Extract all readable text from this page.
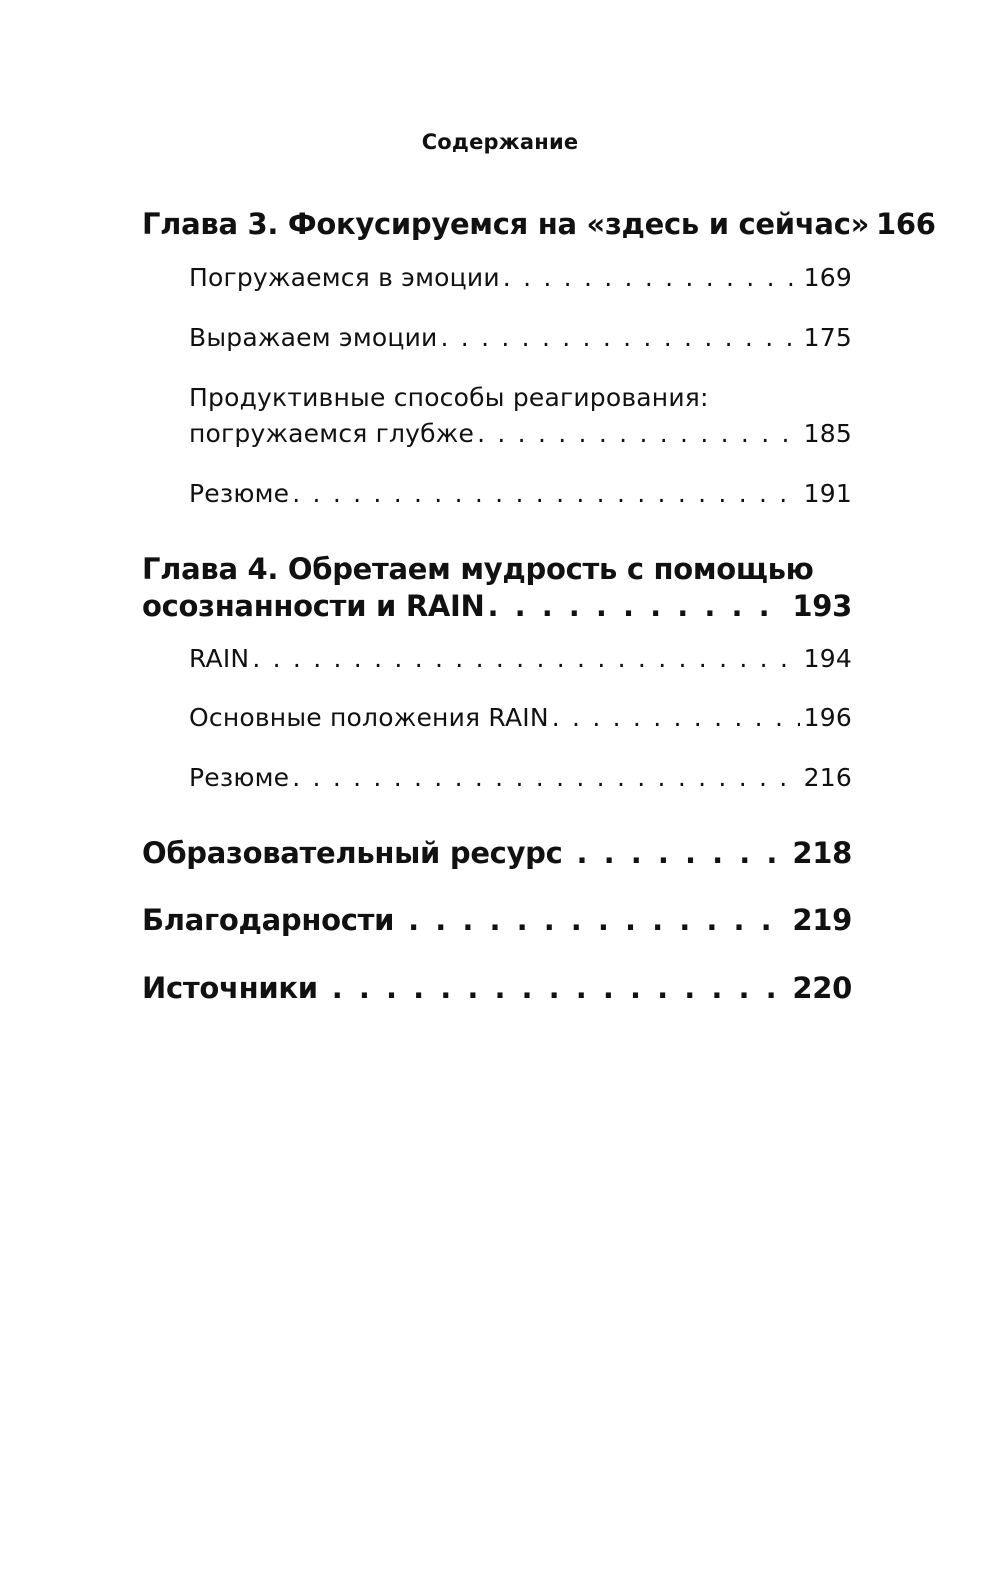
Содержание
Глава 3. Фокусируемся на «здесь и сейчас» 166
Погружаемся в эмоции . . .	169
Выражаем эмоции . . .	175
Продуктивные способы реагирования:
погружаемся глубже . . .	185
Резюме . . .	191
Глава 4. Обретаем мудрость с помощью
осознанности и RAIN . . .	193
RAIN . . .	194
Основные положения RAIN . . .	196
Резюме . . .	216
Образовательный ресурс . . .	218
Благодарности . . .	219
Источники . . .	220
